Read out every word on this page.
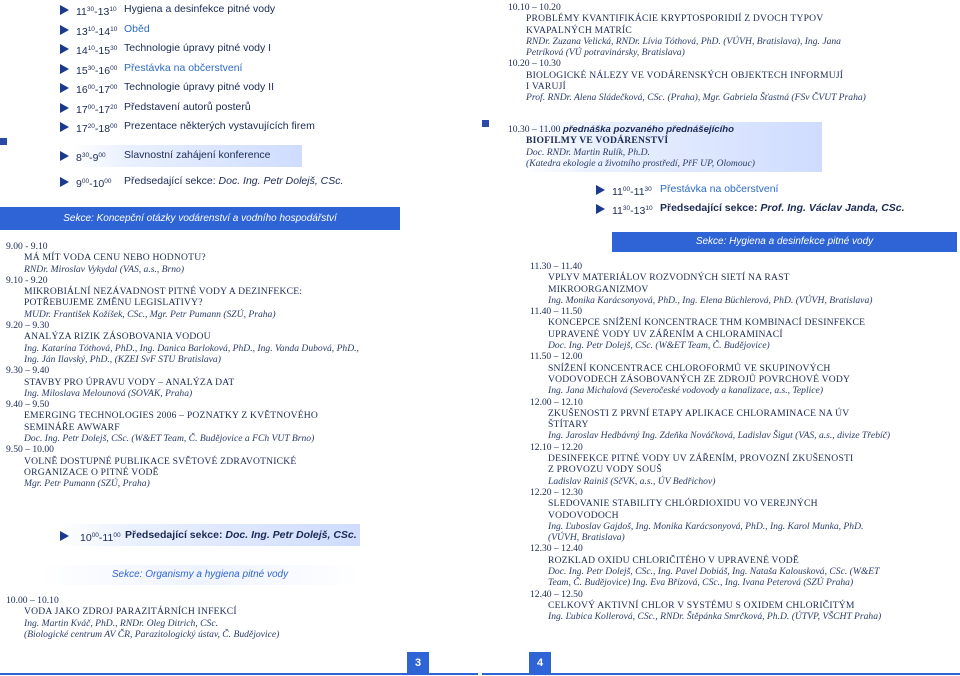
$11^{30}-13^{10}$ Hygiena a desinfekce pitné vody
$13^{10}-14^{10}$ Oběd
$14^{10}-15^{30}$ Technologie úpravy pitné vody I
$15^{30}-16^{00}$ Přestávka na občerstvení
$16^{00}-17^{00}$ Technologie úpravy pitné vody II
$17^{00}-17^{20}$ Představení autorů posterů
$17^{20}-18^{00}$ Prezentace některých vystavujících firem
$8^{30}-9^{00}$ Slavnostní zahájení konference
$9^{00}-10^{00}$ Předsedající sekce: Doc. Ing. Petr Dolejš, CSc.
Sekce: Koncepční otázky vodárenství a vodního hospodářství
9.00 - 9.10
MÁ MÍT VODA CENU NEBO HODNOTU?
RNDr. Miroslav Vykydal (VAS, a.s., Brno)
9.10 - 9.20
MIKROBIÁLNÍ NEZÁVADNOST PITNÉ VODY A DEZINFEKCE:
POTŘEBUJEME ZMĚNU LEGISLATIVY?
MUDr. František Kožíšek, CSc., Mgr. Petr Pumann (SZÚ, Praha)
9.20 – 9.30
ANALÝZA RIZIK ZÁSOBOVANIA VODOU
Ing. Katarína Tóthová, PhD., Ing. Danica Barloková, PhD., Ing. Vanda Dubová, PhD.,
Ing. Ján Ilavský, PhD., (KZEI SvF STU Bratislava)
9.30 – 9.40
STAVBY PRO ÚPRAVU VODY – ANALÝZA DAT
Ing. Miloslava Melounová (SOVAK, Praha)
9.40 – 9.50
EMERGING TECHNOLOGIES 2006 – POZNATKY Z KVĚTNOVÉHO
SEMINÁŘE AWWARF
Doc. Ing. Petr Dolejš, CSc. (W&ET Team, Č. Budějovice a FCh VUT Brno)
9.50 – 10.00
VOLNĚ DOSTUPNÉ PUBLIKACE SVĚTOVÉ ZDRAVOTNICKÉ
ORGANIZACE O PITNÉ VODĚ
Mgr. Petr Pumann (SZÚ, Praha)
$10^{00}-11^{00}$ Předsedající sekce: Doc. Ing. Petr Dolejš, CSc.
Sekce: Organismy a hygiena pitné vody
10.00 – 10.10
VODA JAKO ZDROJ PARAZITÁRNÍCH INFEKCÍ
Ing. Martin Kváč, PhD., RNDr. Oleg Ditrich, CSc.
(Biologické centrum AV ČR, Parazitologický ústav, Č. Budějovice)
3
10.10 – 10.20
PROBLÉMY KVANTIFIKÁCIE KRYPTOSPORIDIÍ Z DVOCH TYPOV
KVAPALNÝCH MATRÍC
RNDr. Zuzana Velická, RNDr. Lívia Tóthová, PhD. (VÚVH, Bratislava), Ing. Jana
Petríková (VÚ potravinársky, Bratislava)
10.20 – 10.30
BIOLOGICKÉ NÁLEZY VE VODÁRENSKÝCH OBJEKTECH INFORMUJÍ
I VARUJÍ
Prof. RNDr. Alena Sládečková, CSc. (Praha), Mgr. Gabriela Šťastná (FSv ČVUT Praha)
10.30 – 11.00 přednáška pozvaného přednášejícího
BIOFILMY VE VODÁRENSTVÍ
Doc. RNDr. Martin Rulík, Ph.D.
(Katedra ekologie a životního prostředí, PřF UP, Olomouc)
$11^{00}-11^{30}$ Přestávka na občerstvení
$11^{30}-13^{10}$ Předsedající sekce: Prof. Ing. Václav Janda, CSc.
Sekce: Hygiena a desinfekce pitné vody
11.30 – 11.40
VPLYV MATERIÁLOV ROZVODNÝCH SIETÍ NA RAST
MIKROORGANIZMOV
Ing. Monika Karácsonyová, PhD., Ing. Elena Büchlerová, PhD. (VÚVH, Bratislava)
11.40 – 11.50
KONCEPCE SNÍŽENÍ KONCENTRACE THM KOMBINACÍ DESINFEKCE
UPRAVENÉ VODY UV ZÁŘENÍM A CHLORAMINACÍ
Doc. Ing. Petr Dolejš, CSc. (W&ET Team, Č. Budějovice)
11.50 – 12.00
SNÍŽENÍ KONCENTRACE CHLOROFORMŮ VE SKUPINOVÝCH
VODOVODECH ZÁSOBOVANÝCH ZE ZDROJŮ POVRCHOVÉ VODY
Ing. Jana Michalová (Severočeské vodovody a kanalizace, a.s., Teplice)
12.00 – 12.10
ZKUŠENOSTI Z PRVNÍ ETAPY APLIKACE CHLORAMINACE NA ÚV
ŠTÍTARY
Ing. Jaroslav Hedbávný Ing. Zdeňka Nováčková, Ladislav Šigut (VAS, a.s., divize Třebíč)
12.10 – 12.20
DESINFEKCE PITNÉ VODY UV ZÁŘENÍM, PROVOZNÍ ZKUŠENOSTI
Z PROVOZU VODY SOUŠ
Ladislav Rainiš (SčVK, a.s., ÚV Bedřichov)
12.20 – 12.30
SLEDOVANIE STABILITY CHLÓRDIOXIDU VO VEREJNÝCH
VODOVODOCH
Ing. Ľuboslav Gajdoš, Ing. Monika Karácsonyová, PhD., Ing. Karol Munka, PhD.
(VÚVH, Bratislava)
12.30 – 12.40
ROZKLAD OXIDU CHLORIČITÉHO V UPRAVENÉ VODĚ
Doc. Ing. Petr Dolejš, CSc., Ing. Pavel Dobiáš, Ing. Nataša Kalousková, CSc. (W&ET
Team, Č. Budějovice) Ing. Eva Břízová, CSc., Ing. Ivana Peterová (SZÚ Praha)
12.40 – 12.50
CELKOVÝ AKTIVNÍ CHLOR V SYSTÉMU S OXIDEM CHLORIČITÝM
Ing. Ľubica Kollerová, CSc., RNDr. Štěpánka Smrčková, Ph.D. (ÚTVP, VŠCHT Praha)
4
